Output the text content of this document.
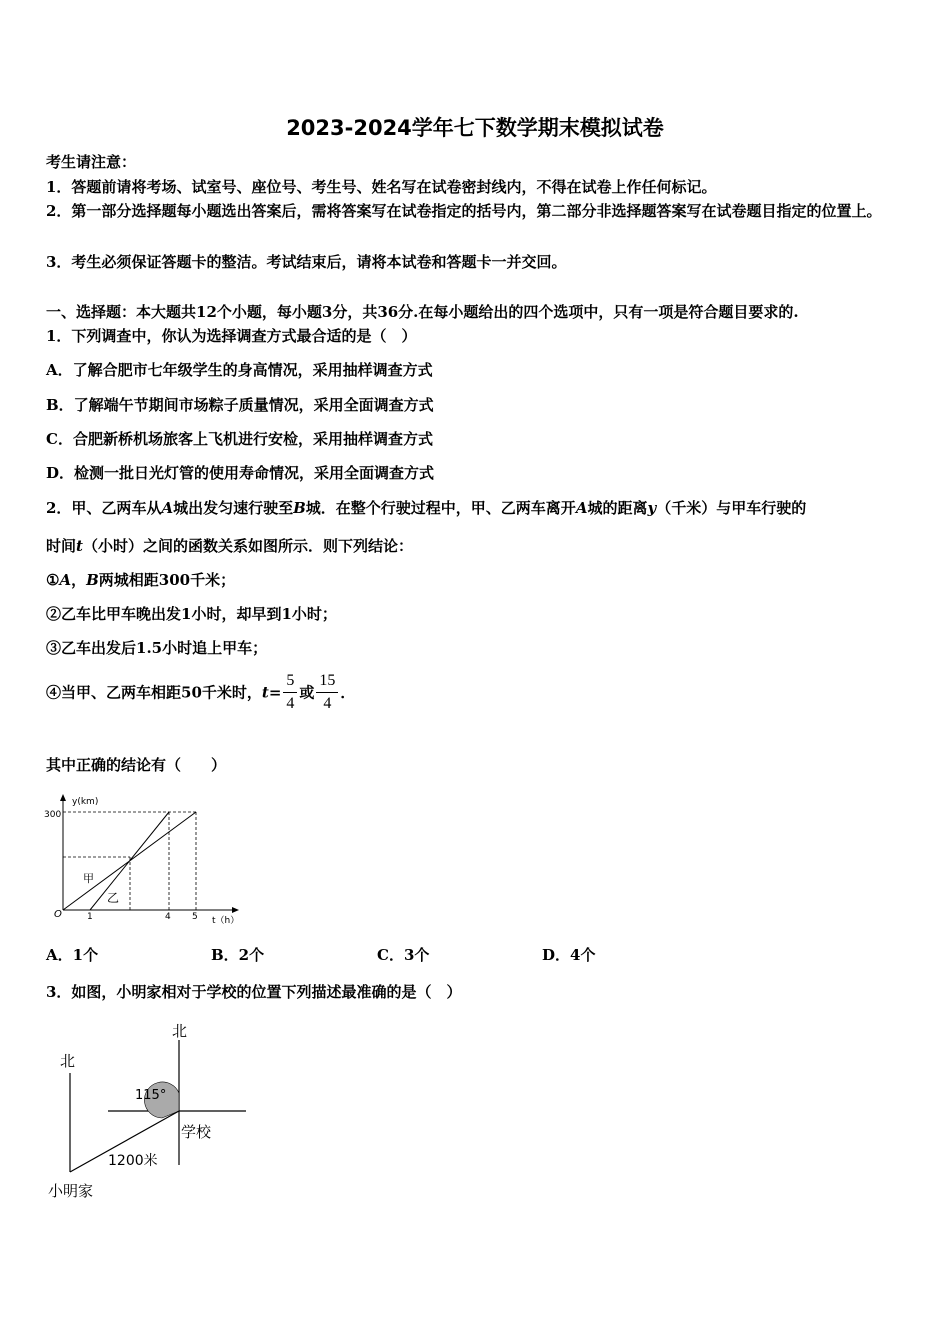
2023-2024学年七下数学期末模拟试卷
考生请注意：
1．答题前请将考场、试室号、座位号、考生号、姓名写在试卷密封线内，不得在试卷上作任何标记。
2．第一部分选择题每小题选出答案后，需将答案写在试卷指定的括号内，第二部分非选择题答案写在试卷题目指定的位置上。
3．考生必须保证答题卡的整洁。考试结束后，请将本试卷和答题卡一并交回。
一、选择题：本大题共12个小题，每小题3分，共36分.在每小题给出的四个选项中，只有一项是符合题目要求的.
1．下列调查中，你认为选择调查方式最合适的是（　）
A．了解合肥市七年级学生的身高情况，采用抽样调查方式
B．了解端午节期间市场粽子质量情况，采用全面调查方式
C．合肥新桥机场旅客上飞机进行安检，采用抽样调查方式
D．检测一批日光灯管的使用寿命情况，采用全面调查方式
2．甲、乙两车从A城出发匀速行驶至B城．在整个行驶过程中，甲、乙两车离开A城的距离y（千米）与甲车行驶的
时间t（小时）之间的函数关系如图所示．则下列结论：
①A，B两城相距300千米；
②乙车比甲车晚出发1小时，却早到1小时；
③乙车出发后1.5小时追上甲车；
④当甲、乙两车相距50千米时，$t= \frac{5}{4}$ 或 $\frac{15}{4}$ ．
其中正确的结论有（　　）
y(km)
t（h）
300
O	1	4 5
甲
乙
A．1个	B．2个	C．3个	D．4个
3．如图，小明家相对于学校的位置下列描述最准确的是（　）
北
北
115°
学校
1200米
小明家
